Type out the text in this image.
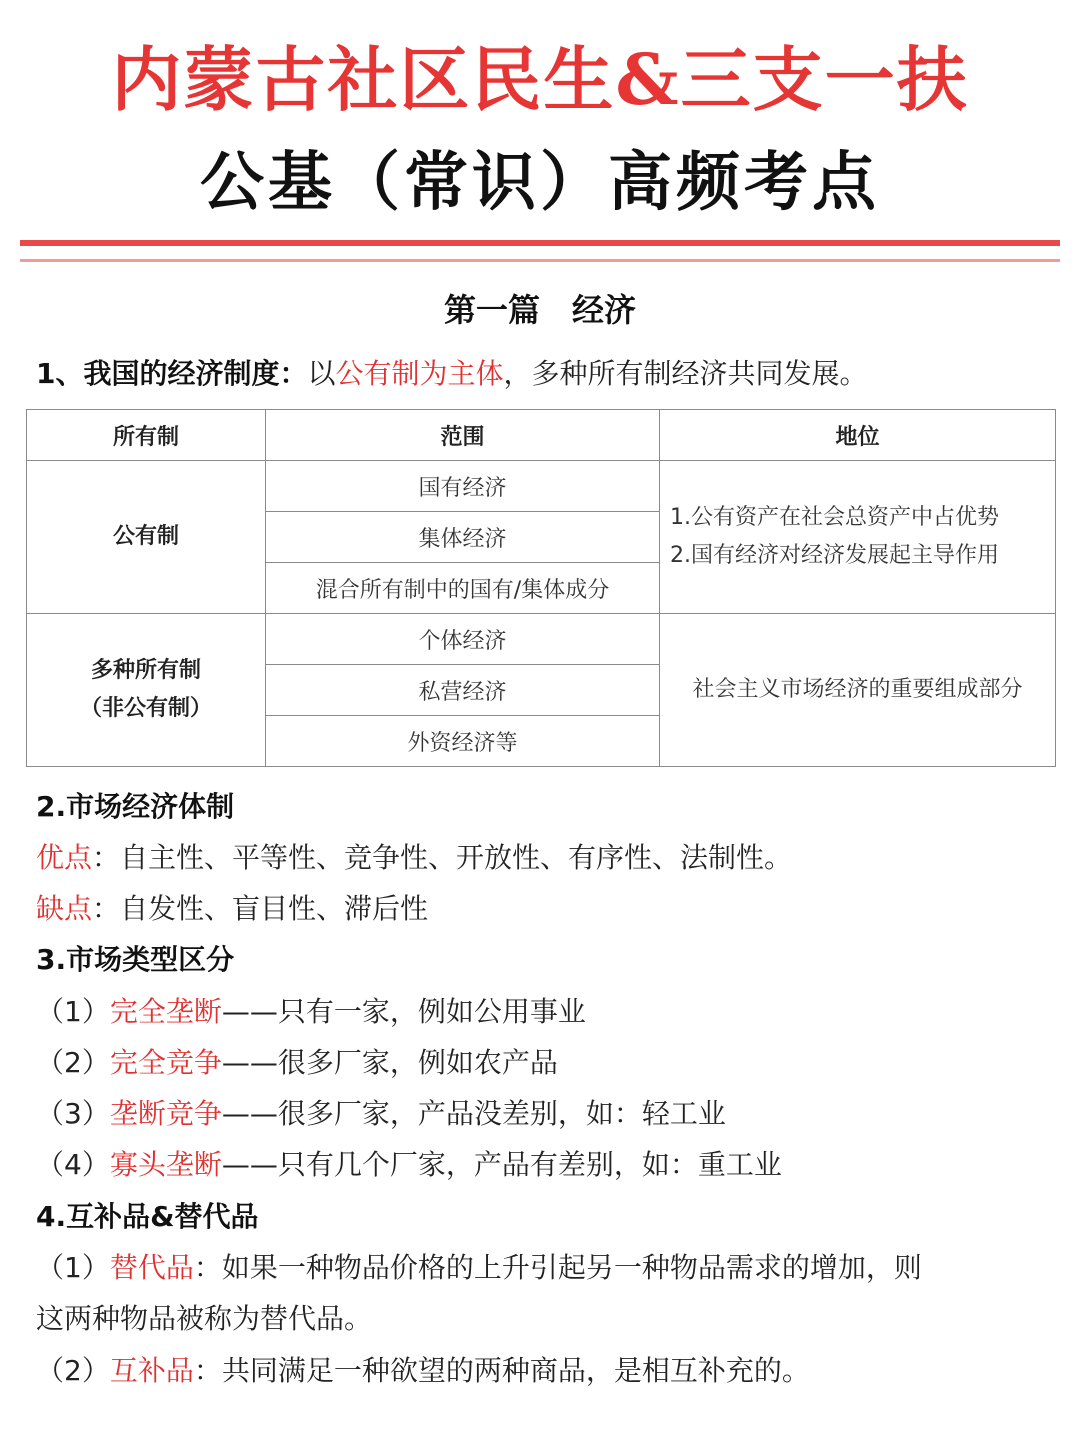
内蒙古社区民生&三支一扶
公基（常识）高频考点
第一篇　经济
1、我国的经济制度：以公有制为主体，多种所有制经济共同发展。
所有制	范围	地位
公有制	国有经济	1.公有资产在社会总资产中占优势
2.国有经济对经济发展起主导作用

	集体经济	
	混合所有制中的国有/集体成分	

多种所有制
（非公有制）	个体经济	社会主义市场经济的重要组成部分
	私营经济	
	外资经济等	
2.市场经济体制
优点：自主性、平等性、竞争性、开放性、有序性、法制性。
缺点：自发性、盲目性、滞后性
3.市场类型区分
（1）完全垄断——只有一家，例如公用事业
（2）完全竞争——很多厂家，例如农产品
（3）垄断竞争——很多厂家，产品没差别，如：轻工业
（4）寡头垄断——只有几个厂家，产品有差别，如：重工业
4.互补品&替代品
（1）替代品：如果一种物品价格的上升引起另一种物品需求的增加，则
这两种物品被称为替代品。
（2）互补品：共同满足一种欲望的两种商品，是相互补充的。
